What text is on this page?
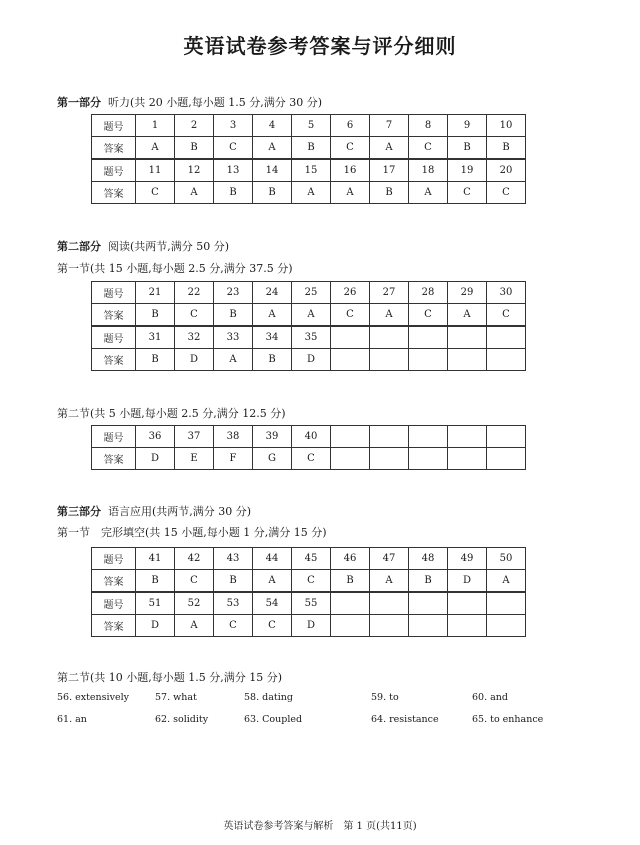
英语试卷参考答案与评分细则
第一部分 听力(共 20 小题,每小题 1.5 分,满分 30 分)
题号	1	2	3	4	5	6	7	8	9	10
答案	A	B	C	A	B	C	A	C	B	B
题号	11	12	13	14	15	16	17	18	19	20
答案	C	A	B	B	A	A	B	A	C	C
第二部分 阅读(共两节,满分 50 分)
第一节(共 15 小题,每小题 2.5 分,满分 37.5 分)
题号	21	22	23	24	25	26	27	28	29	30
答案	B	C	B	A	A	C	A	C	A	C
题号	31	32	33	34	35					
答案	B	D	A	B	D					
第二节(共 5 小题,每小题 2.5 分,满分 12.5 分)
题号	36	37	38	39	40					
答案	D	E	F	G	C					
第三部分 语言应用(共两节,满分 30 分)
第一节　完形填空(共 15 小题,每小题 1 分,满分 15 分)
题号	41	42	43	44	45	46	47	48	49	50
答案	B	C	B	A	C	B	A	B	D	A
题号	51	52	53	54	55					
答案	D	A	C	C	D					
第二节(共 10 小题,每小题 1.5 分,满分 15 分)
56. extensively	57. what	58. dating	59. to	60. and
61. an	62. solidity	63. Coupled	64. resistance	65. to enhance
英语试卷参考答案与解析　第 1 页(共11页)
